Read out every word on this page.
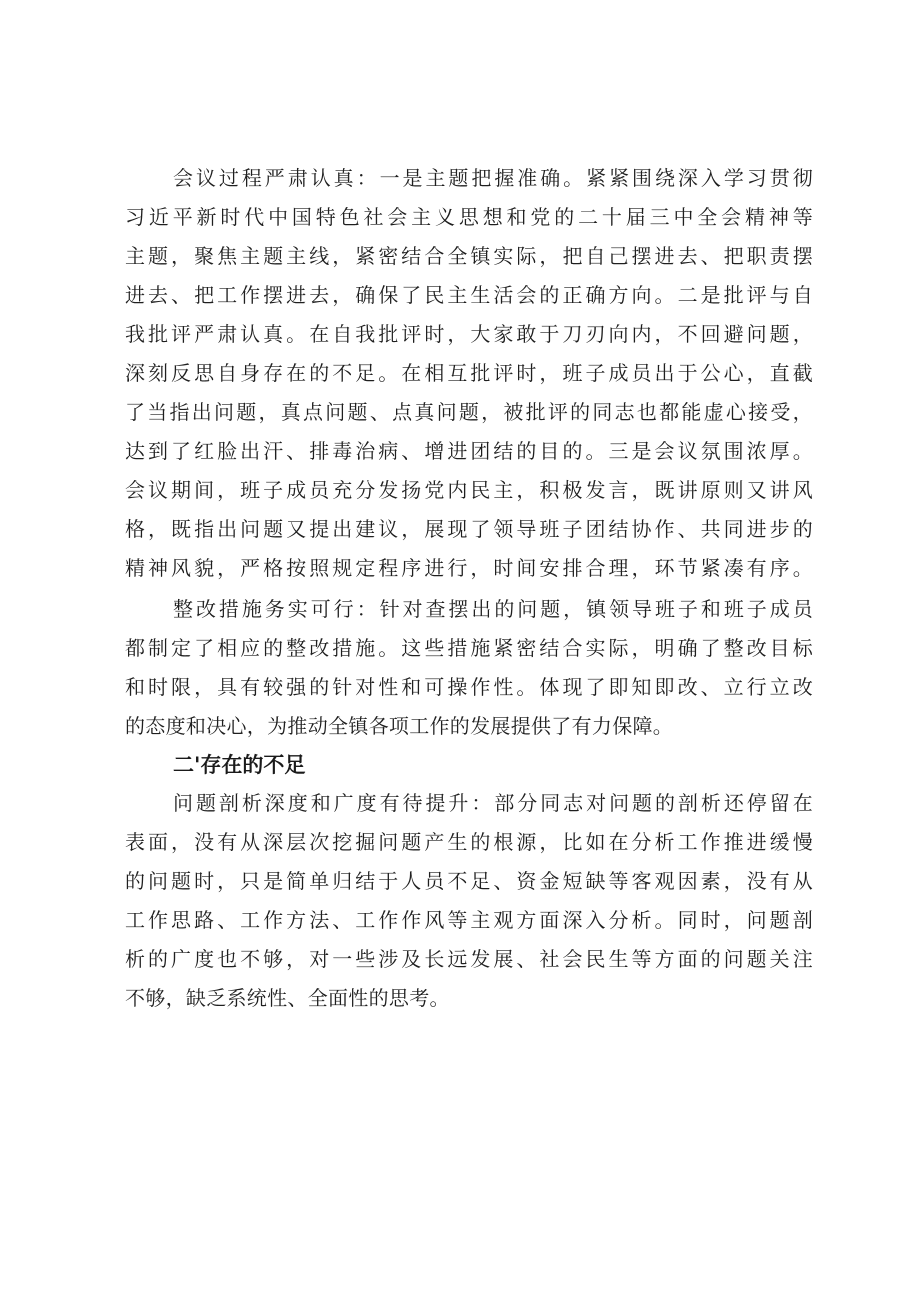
会议过程严肃认真：一是主题把握准确。紧紧围绕深入学习贯彻

习近平新时代中国特色社会主义思想和党的二十届三中全会精神等

主题，聚焦主题主线，紧密结合全镇实际，把自己摆进去、把职责摆

进去、把工作摆进去，确保了民主生活会的正确方向。二是批评与自

我批评严肃认真。在自我批评时，大家敢于刀刃向内，不回避问题，

深刻反思自身存在的不足。在相互批评时，班子成员出于公心，直截

了当指出问题，真点问题、点真问题，被批评的同志也都能虚心接受，

达到了红脸出汗、排毒治病、增进团结的目的。三是会议氛围浓厚。

会议期间，班子成员充分发扬党内民主，积极发言，既讲原则又讲风

格，既指出问题又提出建议，展现了领导班子团结协作、共同进步的

精神风貌，严格按照规定程序进行，时间安排合理，环节紧凑有序。

整改措施务实可行：针对查摆出的问题，镇领导班子和班子成员

都制定了相应的整改措施。这些措施紧密结合实际，明确了整改目标

和时限，具有较强的针对性和可操作性。体现了即知即改、立行立改

的态度和决心，为推动全镇各项工作的发展提供了有力保障。

二'存在的不足

问题剖析深度和广度有待提升：部分同志对问题的剖析还停留在

表面，没有从深层次挖掘问题产生的根源，比如在分析工作推进缓慢

的问题时，只是简单归结于人员不足、资金短缺等客观因素，没有从

工作思路、工作方法、工作作风等主观方面深入分析。同时，问题剖

析的广度也不够，对一些涉及长远发展、社会民生等方面的问题关注

不够，缺乏系统性、全面性的思考。
